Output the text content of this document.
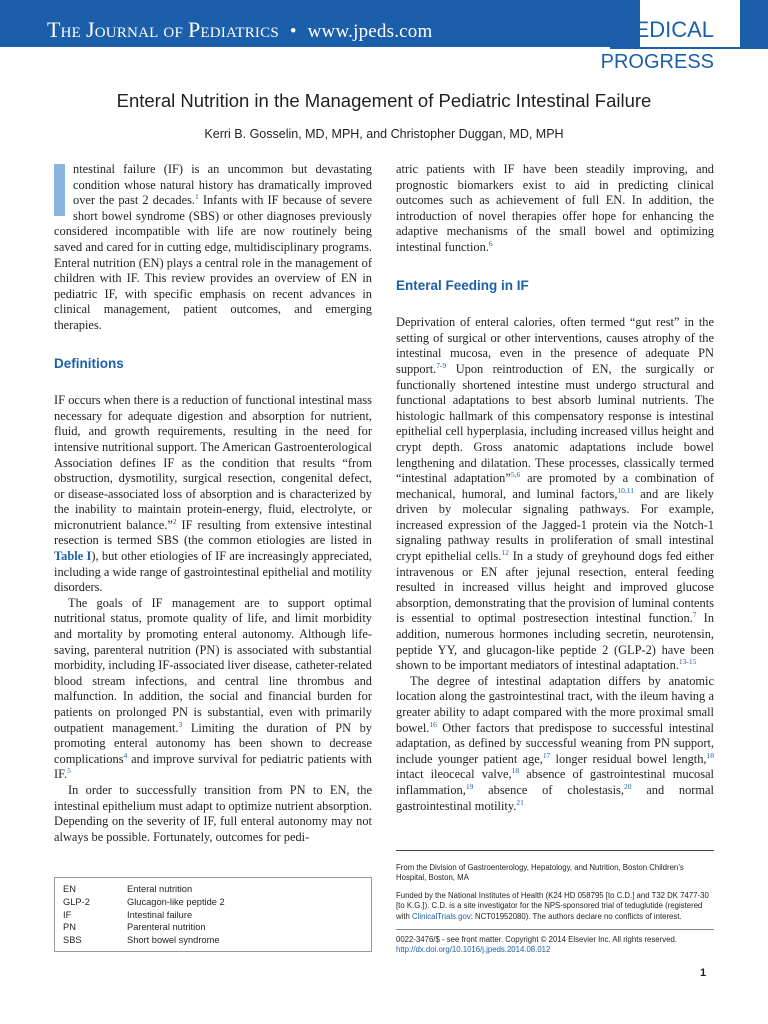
The Journal of Pediatrics • www.jpeds.com	MEDICAL
PROGRESS
Enteral Nutrition in the Management of Pediatric Intestinal Failure
Kerri B. Gosselin, MD, MPH, and Christopher Duggan, MD, MPH

ntestinal failure (IF) is an uncommon but devastating condition whose natural history has dramatically improved over the past 2 decades.$^1$ Infants with IF because of severe short bowel syndrome (SBS) or other diagnoses previously considered incompatible with life are now routinely being saved and cared for in cutting edge, multidisciplinary programs. Enteral nutrition (EN) plays a central role in the management of children with IF. This review provides an overview of EN in pediatric IF, with specific emphasis on recent advances in clinical management, patient outcomes, and emerging therapies.

Definitions

IF occurs when there is a reduction of functional intestinal mass necessary for adequate digestion and absorption for nutrient, fluid, and growth requirements, resulting in the need for intensive nutritional support. The American Gastroenterological Association defines IF as the condition that results “from obstruction, dysmotility, surgical resection, congenital defect, or disease-associated loss of absorption and is characterized by the inability to maintain protein-energy, fluid, electrolyte, or micronutrient balance.”$^2$ IF resulting from extensive intestinal resection is termed SBS (the common etiologies are listed in Table I), but other etiologies of IF are increasingly appreciated, including a wide range of gastrointestinal epithelial and motility disorders.

The goals of IF management are to support optimal nutritional status, promote quality of life, and limit morbidity and mortality by promoting enteral autonomy. Although life-saving, parenteral nutrition (PN) is associated with substantial morbidity, including IF-associated liver disease, catheter-related blood stream infections, and central line thrombus and malfunction. In addition, the social and financial burden for patients on prolonged PN is substantial, even with primarily outpatient management.$^3$ Limiting the duration of PN by promoting enteral autonomy has been shown to decrease complications$^4$ and improve survival for pediatric patients with IF.$^5$

In order to successfully transition from PN to EN, the intestinal epithelium must adapt to optimize nutrient absorption. Depending on the severity of IF, full enteral autonomy may not always be possible. Fortunately, outcomes for pedi-

atric patients with IF have been steadily improving, and prognostic biomarkers exist to aid in predicting clinical outcomes such as achievement of full EN. In addition, the introduction of novel therapies offer hope for enhancing the adaptive mechanisms of the small bowel and optimizing intestinal function.$^6$

Enteral Feeding in IF

Deprivation of enteral calories, often termed “gut rest” in the setting of surgical or other interventions, causes atrophy of the intestinal mucosa, even in the presence of adequate PN support.$^{7-9}$ Upon reintroduction of EN, the surgically or functionally shortened intestine must undergo structural and functional adaptations to best absorb luminal nutrients. The histologic hallmark of this compensatory response is intestinal epithelial cell hyperplasia, including increased villus height and crypt depth. Gross anatomic adaptations include bowel lengthening and dilatation. These processes, classically termed “intestinal adaptation”$^{5,6}$ are promoted by a combination of mechanical, humoral, and luminal factors,$^{10,11}$ and are likely driven by molecular signaling pathways. For example, increased expression of the Jagged-1 protein via the Notch-1 signaling pathway results in proliferation of small intestinal crypt epithelial cells.$^{12}$ In a study of greyhound dogs fed either intravenous or EN after jejunal resection, enteral feeding resulted in increased villus height and improved glucose absorption, demonstrating that the provision of luminal contents is essential to optimal postresection intestinal function.$^7$ In addition, numerous hormones including secretin, neurotensin, peptide YY, and glucagon-like peptide 2 (GLP-2) have been shown to be important mediators of intestinal adaptation.$^{13-15}$

The degree of intestinal adaptation differs by anatomic location along the gastrointestinal tract, with the ileum having a greater ability to adapt compared with the more proximal small bowel.$^{16}$ Other factors that predispose to successful intestinal adaptation, as defined by successful weaning from PN support, include younger patient age,$^{17}$ longer residual bowel length,$^{18}$ intact ileocecal valve,$^{18}$ absence of gastrointestinal mucosal inflammation,$^{19}$ absence of cholestasis,$^{20}$ and normal gastrointestinal motility.$^{21}$

EN	Enteral nutrition
GLP-2	Glucagon-like peptide 2
IF	Intestinal failure
PN	Parenteral nutrition
SBS	Short bowel syndrome

From the Division of Gastroenterology, Hepatology, and Nutrition, Boston Children’s Hospital, Boston, MA

Funded by the National Institutes of Health (K24 HD 058795 [to C.D.] and T32 DK 7477-30 [to K.G.]). C.D. is a site investigator for the NPS-sponsored trial of teduglutide (registered with ClinicalTrials.gov: NCT01952080). The authors declare no conflicts of interest.

0022-3476/$ - see front matter. Copyright © 2014 Elsevier Inc. All rights reserved.
http://dx.doi.org/10.1016/j.jpeds.2014.08.012
1
